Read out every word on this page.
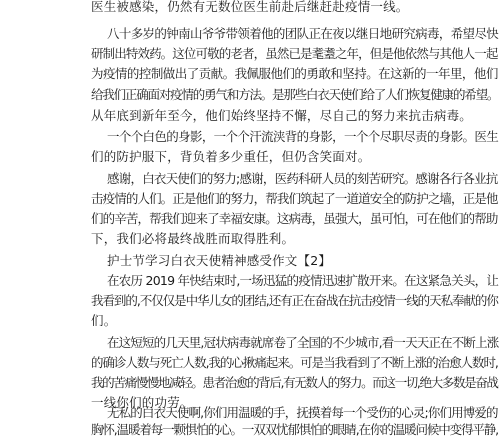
医生被感染，仍然有无数位医生前赴后继赶赴疫情一线。
八十多岁的钟南山爷爷带领着他的团队正在夜以继日地研究病毒，希望尽快
研制出特效药。这位可敬的老者，虽然已是耄耋之年，但是他依然与其他人一起
为疫情的控制做出了贡献。我佩服他们的勇敢和坚持。在这新的一年里，他们
给我们正确面对疫情的勇气和方法。是那些白衣天使们给了人们恢复健康的希望。
从年底到新年至今，他们始终坚持不懈，尽自己的努力来抗击病毒。
一个个白色的身影，一个个汗流浃背的身影，一个个尽职尽责的身影。医生
们的防护服下，背负着多少重任，但仍含笑面对。
感谢，白衣天使们的努力;感谢，医药科研人员的刻苦研究。感谢各行各业抗
击疫情的人们。正是他们的努力，帮我们筑起了一道道安全的防护之墙，正是他
们的辛苦，帮我们迎来了幸福安康。这病毒，虽强大，虽可怕，可在他们的帮助
下，我们必将最终战胜而取得胜利。
护士节学习白衣天使精神感受作文【2】
在农历 2019 年快结束时,一场迅猛的疫情迅速扩散开来。在这紧急关头，让
我看到的,不仅仅是中华儿女的团结,还有正在奋战在抗击疫情一线的天私奉献的你
们。
在这短短的几天里,冠状病毒就席卷了全国的不少城市,看一天天正在不断上涨
的确诊人数与死亡人数,我的心揪痛起来。可是当我看到了不断上涨的治愈人数时,
我的苦痛慢慢地减轻。患者治愈的背后,有无数人的努力。而这一切,绝大多数是奋战
一线你们的功劳。
无私的白衣天使啊,你们用温暖的手，抚摸着每一个受伤的心灵;你们用博爱的
胸怀,温暖着每一颗惧怕的心。一双双忧郁惧怕的眼睛,在你的温暖问候中变得平静,
